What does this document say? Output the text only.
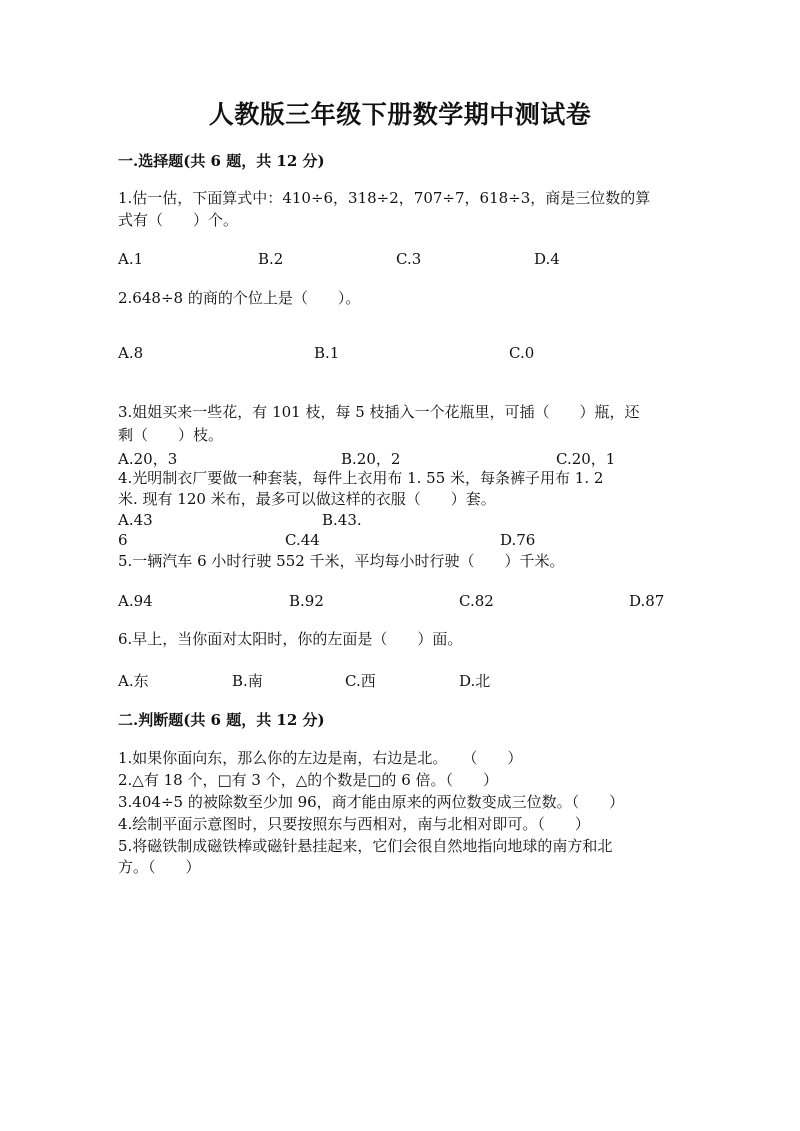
人教版三年级下册数学期中测试卷
一.选择题(共 6 题，共 12 分)
1.估一估，下面算式中：410÷6，318÷2，707÷7，618÷3，商是三位数的算
式有（　　）个。
A.1	B.2	C.3	D.4
2.648÷8 的商的个位上是（　　）。
A.8	B.1	C.0
3.姐姐买来一些花，有 101 枝，每 5 枝插入一个花瓶里，可插（　　）瓶，还
剩（　　）枝。
A.20，3	B.20，2	C.20，1
4.光明制衣厂要做一种套装，每件上衣用布 1. 55 米，每条裤子用布 1. 2
米. 现有 120 米布，最多可以做这样的衣服（　　）套。
A.43	B.43.
6	C.44	D.76
5.一辆汽车 6 小时行驶 552 千米，平均每小时行驶（　　）千米。
A.94	B.92	C.82	D.87
6.早上，当你面对太阳时，你的左面是（　　）面。
A.东	B.南	C.西	D.北
二.判断题(共 6 题，共 12 分)
1.如果你面向东，那么你的左边是南，右边是北。　　（　　）
2.△有 18 个，□有 3 个，△的个数是□的 6 倍。（　　）
3.404÷5 的被除数至少加 96，商才能由原来的两位数变成三位数。（　　）
4.绘制平面示意图时，只要按照东与西相对，南与北相对即可。（　　）
5.将磁铁制成磁铁棒或磁针悬挂起来，它们会很自然地指向地球的南方和北
方。（　　）
